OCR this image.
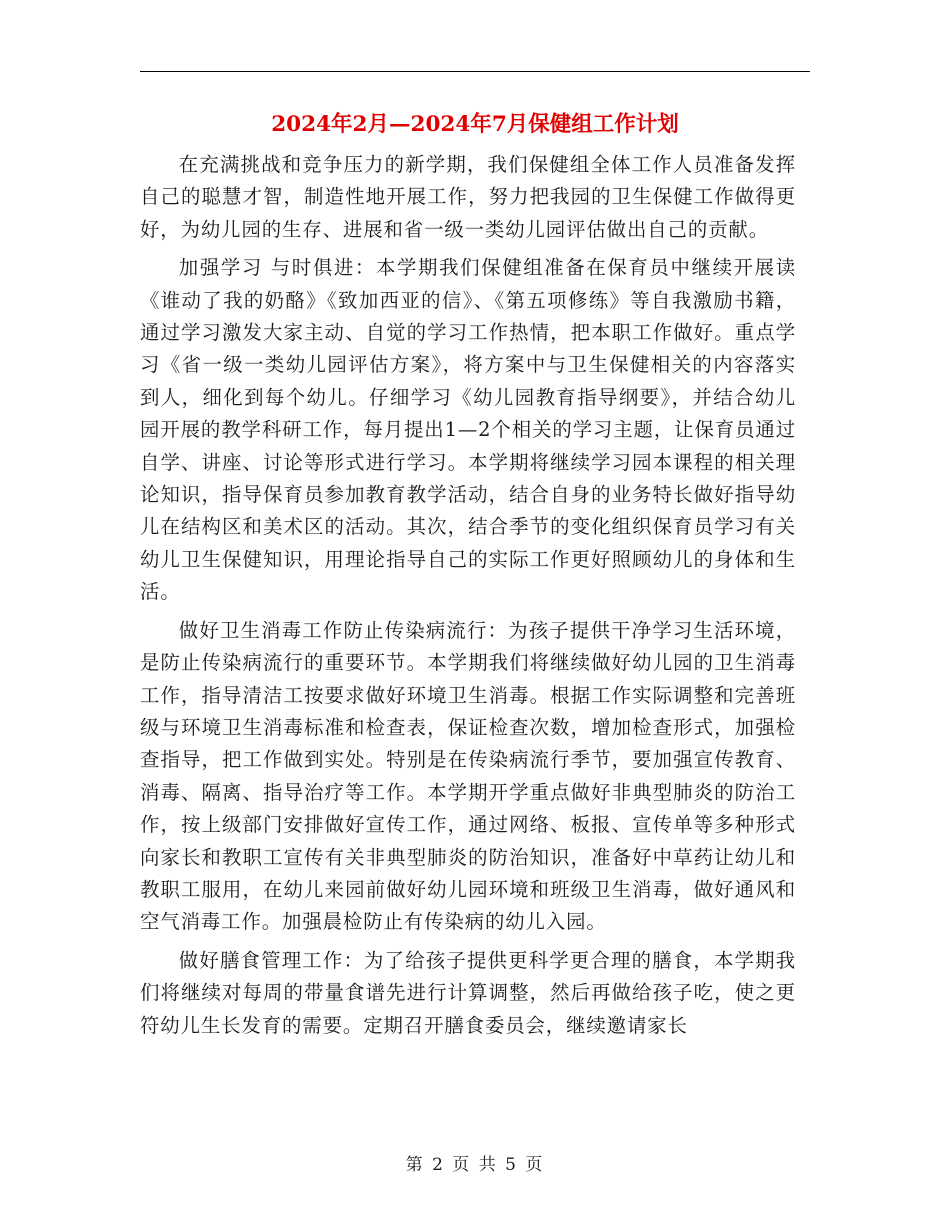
2024年2月—2024年7月保健组工作计划

在充满挑战和竞争压力的新学期，我们保健组全体工作人员准备发挥自己的聪慧才智，制造性地开展工作，努力把我园的卫生保健工作做得更好，为幼儿园的生存、进展和省一级一类幼儿园评估做出自己的贡献。

加强学习 与时俱进：本学期我们保健组准备在保育员中继续开展读《谁动了我的奶酪》《致加西亚的信》、《第五项修练》等自我激励书籍，通过学习激发大家主动、自觉的学习工作热情，把本职工作做好。重点学习《省一级一类幼儿园评估方案》，将方案中与卫生保健相关的内容落实到人，细化到每个幼儿。仔细学习《幼儿园教育指导纲要》，并结合幼儿园开展的教学科研工作，每月提出1—2个相关的学习主题，让保育员通过自学、讲座、讨论等形式进行学习。本学期将继续学习园本课程的相关理论知识，指导保育员参加教育教学活动，结合自身的业务特长做好指导幼儿在结构区和美术区的活动。其次，结合季节的变化组织保育员学习有关幼儿卫生保健知识，用理论指导自己的实际工作更好照顾幼儿的身体和生活。

做好卫生消毒工作防止传染病流行：为孩子提供干净学习生活环境，是防止传染病流行的重要环节。本学期我们将继续做好幼儿园的卫生消毒工作，指导清洁工按要求做好环境卫生消毒。根据工作实际调整和完善班级与环境卫生消毒标准和检查表，保证检查次数，增加检查形式，加强检查指导，把工作做到实处。特别是在传染病流行季节，要加强宣传教育、消毒、隔离、指导治疗等工作。本学期开学重点做好非典型肺炎的防治工作，按上级部门安排做好宣传工作，通过网络、板报、宣传单等多种形式向家长和教职工宣传有关非典型肺炎的防治知识，准备好中草药让幼儿和教职工服用，在幼儿来园前做好幼儿园环境和班级卫生消毒，做好通风和空气消毒工作。加强晨检防止有传染病的幼儿入园。

做好膳食管理工作：为了给孩子提供更科学更合理的膳食，本学期我们将继续对每周的带量食谱先进行计算调整，然后再做给孩子吃，使之更符幼儿生长发育的需要。定期召开膳食委员会，继续邀请家长

第 2 页 共 5 页
